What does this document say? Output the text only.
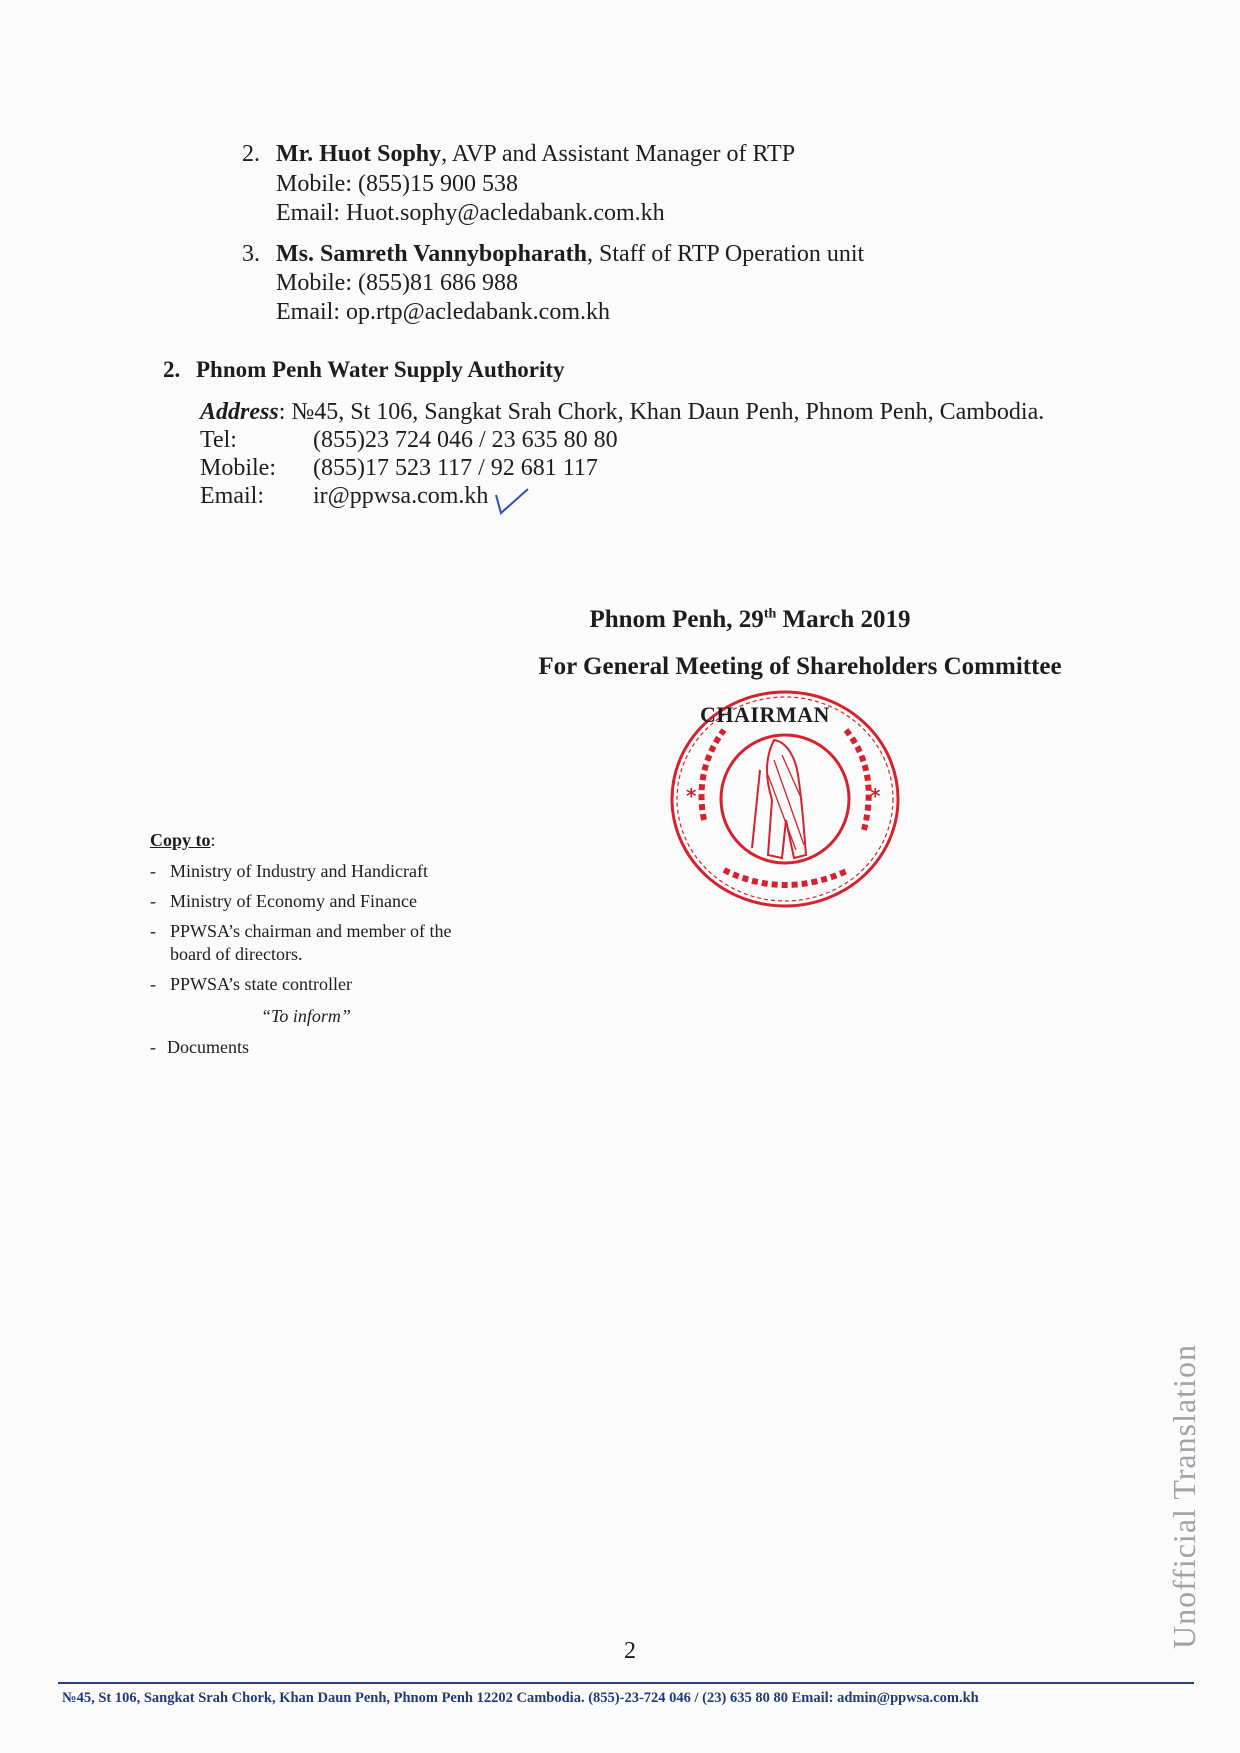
2. Mr. Huot Sophy, AVP and Assistant Manager of RTP
Mobile: (855)15 900 538
Email: Huot.sophy@acledabank.com.kh
3. Ms. Samreth Vannybopharath, Staff of RTP Operation unit
Mobile: (855)81 686 988
Email: op.rtp@acledabank.com.kh
2. Phnom Penh Water Supply Authority
Address: №45, St 106, Sangkat Srah Chork, Khan Daun Penh, Phnom Penh, Cambodia.
Tel:	(855)23 724 046 / 23 635 80 80
Mobile: (855)17 523 117 / 92 681 117
Email: ir@ppwsa.com.kh
Phnom Penh, 29th March 2019
For General Meeting of Shareholders Committee
*	*
CHAIRMAN
Copy to:
- Ministry of Industry and Handicraft
- Ministry of Economy and Finance
- PPWSA’s chairman and member of the board of directors.
- PPWSA’s state controller
“To inform”
- Documents
Unofficial Translation
2
№45, St 106, Sangkat Srah Chork, Khan Daun Penh, Phnom Penh 12202 Cambodia. (855)-23-724 046 / (23) 635 80 80 Email: admin@ppwsa.com.kh
